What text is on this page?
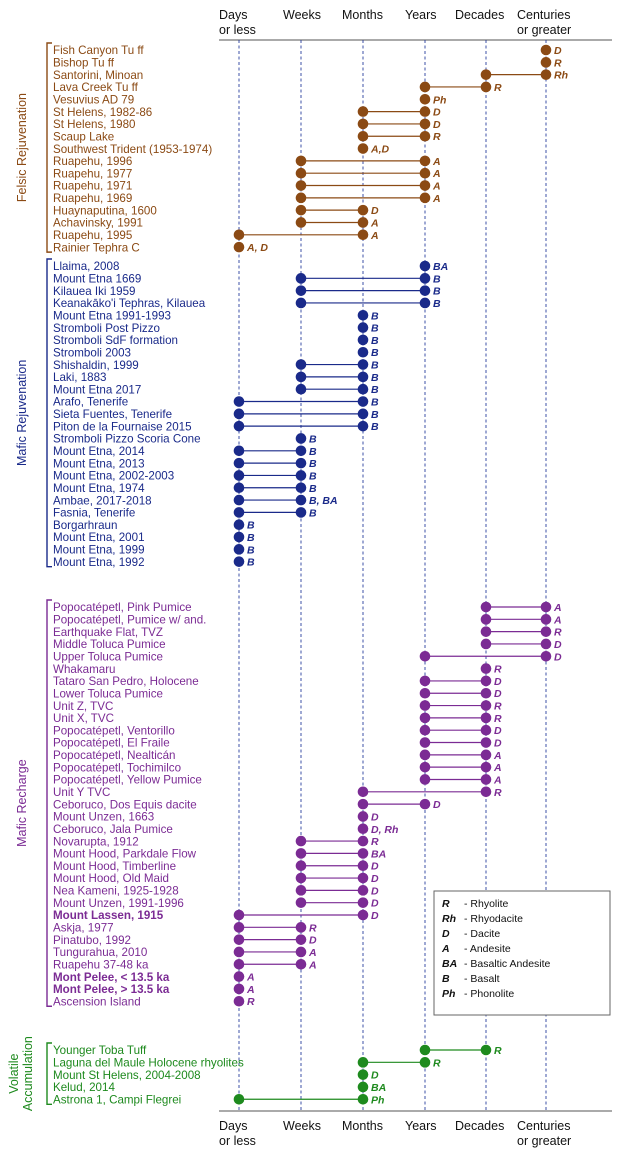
Days
Days
or less
or less
Weeks
Weeks
Months
Months
Years
Years
Decades
Decades
Centuries
Centuries
or greater
or greater
Felsic Rejuvenation
Fish Canyon Tu ff	D
Bishop Tu ff	R
Santorini, Minoan	Rh
Lava Creek Tu ff	R
Vesuvius AD 79	Ph
St Helens, 1982-86	D
St Helens, 1980	D
Scaup Lake	R
Southwest Trident (1953-1974)	A,D
Ruapehu, 1996	A
Ruapehu, 1977	A
Ruapehu, 1971	A
Ruapehu, 1969	A
Huaynaputina, 1600	D
Achavinsky, 1991	A
Ruapehu, 1995	A
Rainier Tephra C	A, D
Mafic Rejuvenation
Llaima, 2008	BA
Mount Etna 1669	B
Kilauea Iki 1959	B
Keanakāko'i Tephras, Kilauea	B
Mount Etna 1991-1993	B
Stromboli Post Pizzo	B
Stromboli SdF formation	B
Stromboli 2003	B
Shishaldin, 1999	B
Laki, 1883	B
Mount Etna 2017	B
Arafo, Tenerife	B
Sieta Fuentes, Tenerife	B
Piton de la Fournaise 2015	B
Stromboli Pizzo Scoria Cone	B
Mount Etna, 2014	B
Mount Etna, 2013	B
Mount Etna, 2002-2003	B
Mount Etna, 1974	B
Ambae, 2017-2018	B, BA
Fasnia, Tenerife	B
Borgarhraun	B
Mount Etna, 2001	B
Mount Etna, 1999	B
Mount Etna, 1992	B
Mafic Recharge
Popocatépetl, Pink Pumice	A
Popocatépetl, Pumice w/ and.	A
Earthquake Flat, TVZ	R
Middle Toluca Pumice	D
Upper Toluca Pumice	D
Whakamaru	R
Tataro San Pedro, Holocene	D
Lower Toluca Pumice	D
Unit Z, TVC	R
Unit X, TVC	R
Popocatépetl, Ventorillo	D
Popocatépetl, El Fraile	D
Popocatépetl, Nealticán	A
Popocatépetl, Tochimilco	A
Popocatépetl, Yellow Pumice	A
Unit Y TVC	R
Ceboruco, Dos Equis dacite	D
Mount Unzen, 1663	D
Ceboruco, Jala Pumice	D, Rh
Novarupta, 1912	R
Mount Hood, Parkdale Flow	BA
Mount Hood, Timberline	D
Mount Hood, Old Maid	D
Nea Kameni, 1925-1928	D
Mount Unzen, 1991-1996	D
Mount Lassen, 1915	D
Askja, 1977	R
Pinatubo, 1992	D
Tungurahua, 2010	A
Ruapehu 37-48 ka	A
Mont Pelee, < 13.5 ka	A
Mont Pelee, > 13.5 ka	A
Ascension Island	R
Volatile Accumulation Younger Toba Tuff	R
Laguna del Maule Holocene rhyolites	R
Mount St Helens, 2004-2008	D
Kelud, 2014	BA
Astrona 1, Campi Flegrei	Ph
R - Rhyolite
Rh - Rhyodacite
D - Dacite
A - Andesite
BA - Basaltic Andesite
B - Basalt
Ph - Phonolite
